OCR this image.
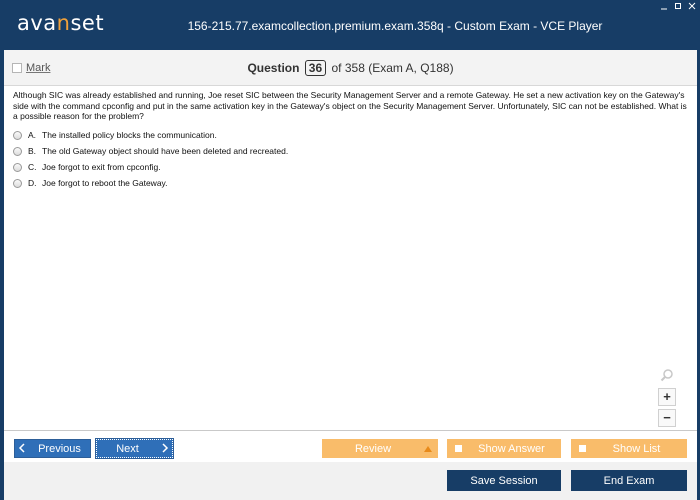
avanset	156-215.77.examcollection.premium.exam.358q - Custom Exam - VCE Player
Mark	Question 36 of 358 (Exam A, Q188)
Although SIC was already established and running, Joe reset SIC between the Security Management Server and a remote Gateway. He set a new activation key on the Gateway's side with the command cpconfig and put in the same activation key in the Gateway's object on the Security Management Server. Unfortunately, SIC can not be established. What is a possible reason for the problem?
A. The installed policy blocks the communication.
B. The old Gateway object should have been deleted and recreated.
C. Joe forgot to exit from cpconfig.
D. Joe forgot to reboot the Gateway.
+
−
Previous	Next	Review	Show Answer	Show List
Save Session	End Exam
